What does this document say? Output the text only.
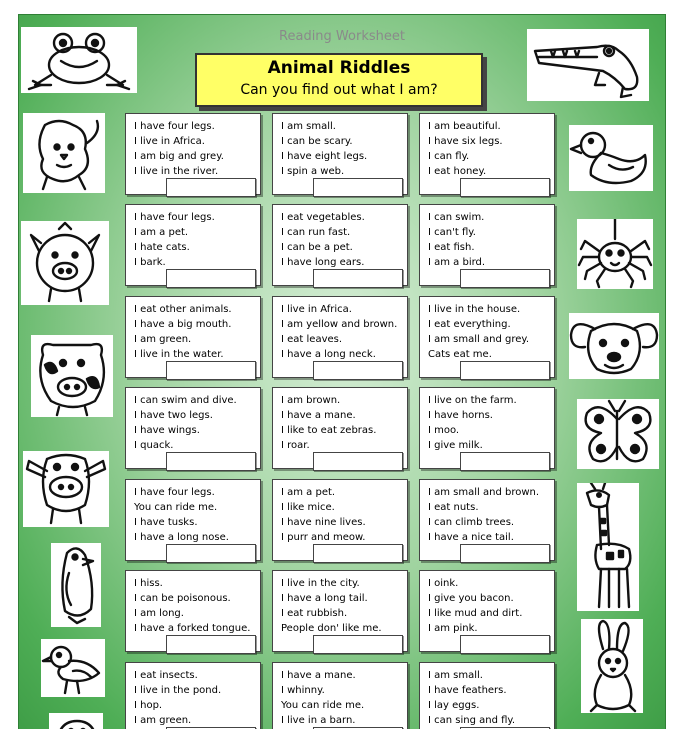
Reading Worksheet
Animal Riddles
Can you find out what I am?
I have four legs.
I live in Africa.
I am big and grey.
I live in the river.
I am small.
I can be scary.
I have eight legs.
I spin a web.
I am beautiful.
I have six legs.
I can fly.
I eat honey.
I have four legs.
I am a pet.
I hate cats.
I bark.
I eat vegetables.
I can run fast.
I can be a pet.
I have long ears.
I can swim.
I can't fly.
I eat fish.
I am a bird.
I eat other animals.
I have a big mouth.
I am green.
I live in the water.
I live in Africa.
I am yellow and brown.
I eat leaves.
I have a long neck.
I live in the house.
I eat everything.
I am small and grey.
Cats eat me.
I can swim and dive.
I have two legs.
I have wings.
I quack.
I am brown.
I have a mane.
I like to eat zebras.
I roar.
I live on the farm.
I have horns.
I moo.
I give milk.
I have four legs.
You can ride me.
I have tusks.
I have a long nose.
I am a pet.
I like mice.
I have nine lives.
I purr and meow.
I am small and brown.
I eat nuts.
I can climb trees.
I have a nice tail.
I hiss.
I can be poisonous.
I am long.
I have a forked tongue.
I live in the city.
I have a long tail.
I eat rubbish.
People don' like me.
I oink.
I give you bacon.
I like mud and dirt.
I am pink.
I eat insects.
I live in the pond.
I hop.
I am green.
I have a mane.
I whinny.
You can ride me.
I live in a barn.
I am small.
I have feathers.
I lay eggs.
I can sing and fly.
